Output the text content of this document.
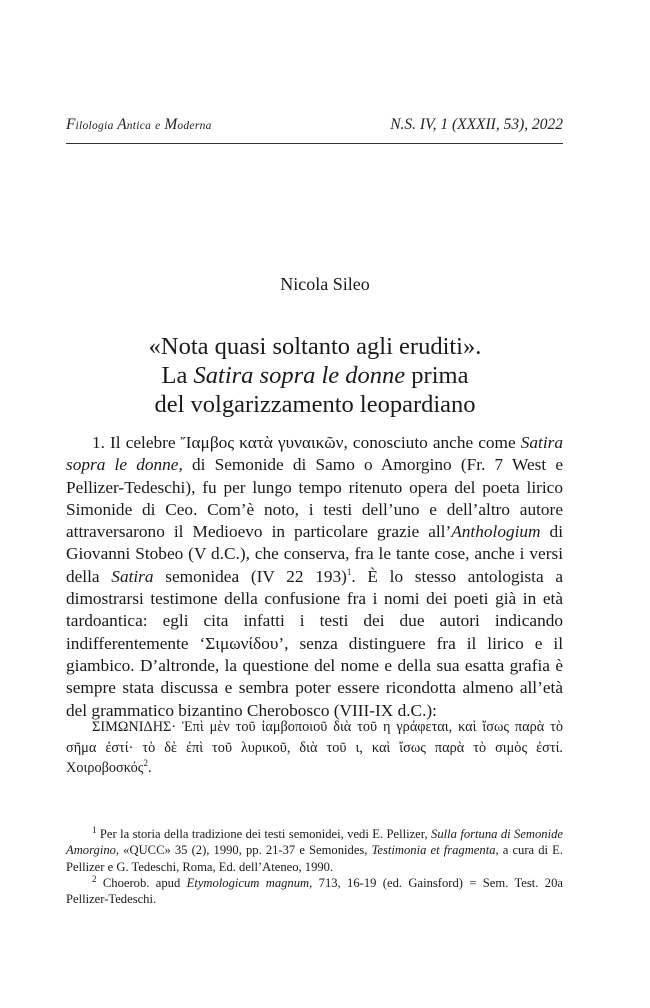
Filologia Antica e Moderna	N.S. IV, 1 (XXXII, 53), 2022
Nicola Sileo
«Nota quasi soltanto agli eruditi».
La Satira sopra le donne prima
del volgarizzamento leopardiano

1. Il celebre Ἴαμβος κατὰ γυναικῶν, conosciuto anche come Satira sopra le donne, di Semonide di Samo o Amorgino (Fr. 7 West e Pellizer-Tedeschi), fu per lungo tempo ritenuto opera del poeta lirico Simonide di Ceo. Com’è noto, i testi dell’uno e dell’altro autore attraversarono il Medioevo in particolare grazie all’Anthologium di Giovanni Stobeo (V d.C.), che conserva, fra le tante cose, anche i versi della Satira semonidea (IV 22 193)$^1$. È lo stesso antologista a dimostrarsi testimone della confusione fra i nomi dei poeti già in età tardoantica: egli cita infatti i testi dei due autori indicando indifferentemente ‘Σιμωνίδου’, senza distinguere fra il lirico e il giambico. D’altronde, la questione del nome e della sua esatta grafia è sempre stata discussa e sembra poter essere ricondotta almeno all’età del grammatico bizantino Cherobosco (VIII-IX d.C.):

ΣΙΜΩΝΙΔΗΣ· Ἐπὶ μὲν τοῦ ἰαμβοποιοῦ διὰ τοῦ η γράφεται, καὶ ἴσως παρὰ τὸ σῆμα ἐστί· τὸ δὲ ἐπὶ τοῦ λυρικοῦ, διὰ τοῦ ι, καὶ ἴσως παρὰ τὸ σιμὸς ἐστί. Χοιροβοσκός$^2$.

$^1$ Per la storia della tradizione dei testi semonidei, vedi E. Pellizer, Sulla fortuna di Semonide Amorgino, «QUCC» 35 (2), 1990, pp. 21-37 e Semonides, Testimonia et fragmenta, a cura di E. Pellizer e G. Tedeschi, Roma, Ed. dell’Ateneo, 1990.

$^2$ Choerob. apud Etymologicum magnum, 713, 16-19 (ed. Gainsford) = Sem. Test. 20a Pellizer-Tedeschi.
